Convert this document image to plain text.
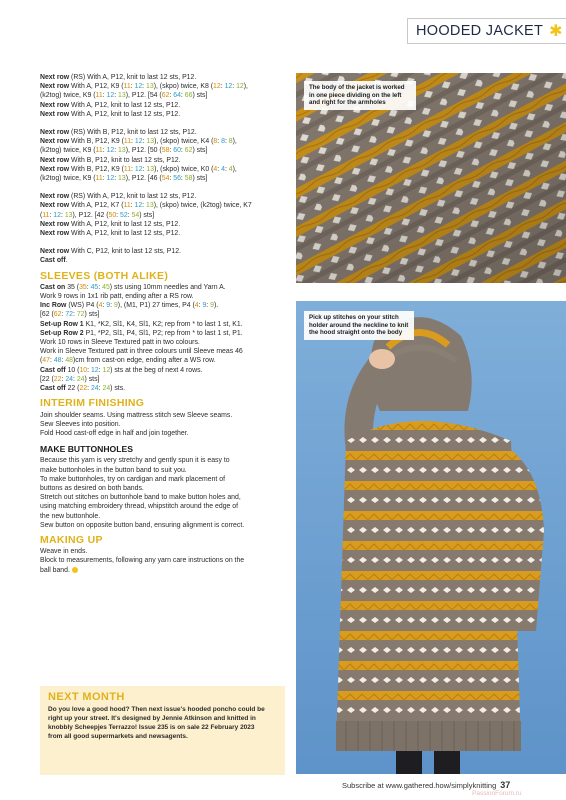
HOODED JACKET ✱

Next row (RS) With A, P12, knit to last 12 sts, P12.

Next row With A, P12, K9 (11: 12: 13), (skpo) twice, K8 (12: 12: 12),

(k2tog) twice, K9 (11: 12: 13), P12. [54 (62: 64: 66) sts]

Next row With A, P12, knit to last 12 sts, P12.

Next row With A, P12, knit to last 12 sts, P12.

Next row (RS) With B, P12, knit to last 12 sts, P12.

Next row With B, P12, K9 (11: 12: 13), (skpo) twice, K4 (8: 8: 8),

(k2tog) twice, K9 (11: 12: 13), P12. [50 (58: 60: 62) sts]

Next row With B, P12, knit to last 12 sts, P12.

Next row With B, P12, K9 (11: 12: 13), (skpo) twice, K0 (4: 4: 4),

(k2tog) twice, K9 (11: 12: 13), P12. [46 (54: 56: 58) sts]

Next row (RS) With A, P12, knit to last 12 sts, P12.

Next row With A, P12, K7 (11: 12: 13), (skpo) twice, (k2tog) twice, K7

(11: 12: 13), P12. [42 (50: 52: 54) sts]

Next row With A, P12, knit to last 12 sts, P12.

Next row With A, P12, knit to last 12 sts, P12.

Next row With C, P12, knit to last 12 sts, P12.

Cast off.

SLEEVES (BOTH ALIKE)

Cast on 35 (35: 45: 45) sts using 10mm needles and Yarn A.

Work 9 rows in 1x1 rib patt, ending after a RS row.

Inc Row (WS) P4 (4: 9: 9), (M1, P1) 27 times, P4 (4: 9: 9).

[62 (62: 72: 72) sts]

Set-up Row 1 K1, *K2, Sl1, K4, Sl1, K2; rep from * to last 1 st, K1.

Set-up Row 2 P1, *P2, Sl1, P4, Sl1, P2; rep from * to last 1 st, P1.

Work 10 rows in Sleeve Textured patt in two colours.

Work in Sleeve Textured patt in three colours until Sleeve meas 46

(47: 48: 48)cm from cast-on edge, ending after a WS row.

Cast off 10 (10: 12: 12) sts at the beg of next 4 rows.

[22 (22: 24: 24) sts]

Cast off 22 (22: 24: 24) sts.

INTERIM FINISHING

Join shoulder seams. Using mattress stitch sew Sleeve seams.

Sew Sleeves into position.

Fold Hood cast-off edge in half and join together.

MAKE BUTTONHOLES

Because this yarn is very stretchy and gently spun it is easy to

make buttonholes in the button band to suit you.

To make buttonholes, try on cardigan and mark placement of

buttons as desired on both bands.

Stretch out stitches on buttonhole band to make button holes and,

using matching embroidery thread, whipstitch around the edge of

the new buttonhole.

Sew button on opposite button band, ensuring alignment is correct.

MAKING UP

Weave in ends.

Block to measurements, following any yarn care instructions on the

ball band.

NEXT MONTH
Do you love a good hood? Then next issue's hooded poncho could be
right up your street. It's designed by Jennie Atkinson and knitted in
knobbly Scheepjes Terrazzo! Issue 235 is on sale 22 February 2023
from all good supermarkets and newsagents.
The body of the jacket is worked in one piece dividing on the left and right for the armholes
Pick up stitches on your stitch holder around the neckline to knit the hood straight onto the body
Subscribe at www.gathered.how/simplyknitting 37
PassionForum.ru
